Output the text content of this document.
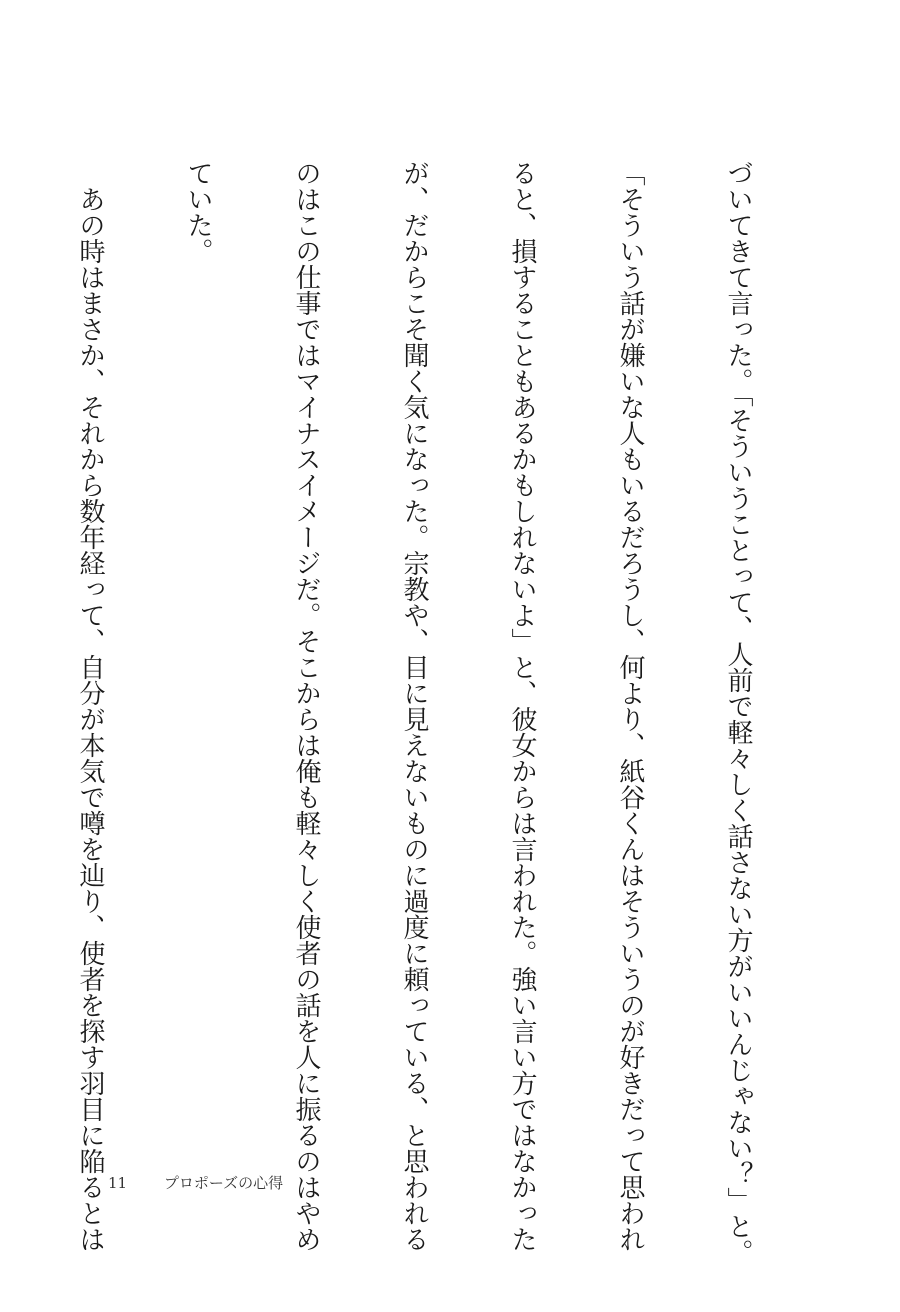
づいてきて言った。「そういうことって、人前で軽々しく話さない方がいいんじゃない？」と。

「そういう話が嫌いな人もいるだろうし、何より、紙谷くんはそういうのが好きだって思われ

ると、損することもあるかもしれないよ」と、彼女からは言われた。強い言い方ではなかった

が、だからこそ聞く気になった。宗教や、目に見えないものに過度に頼っている、と思われる

のはこの仕事ではマイナスイメージだ。そこからは俺も軽々しく使者の話を人に振るのはやめ

ていた。

　あの時はまさか、それから数年経って、自分が本気で噂を辿り、使者を探す羽目に陥るとは

11 プロポーズの心得
